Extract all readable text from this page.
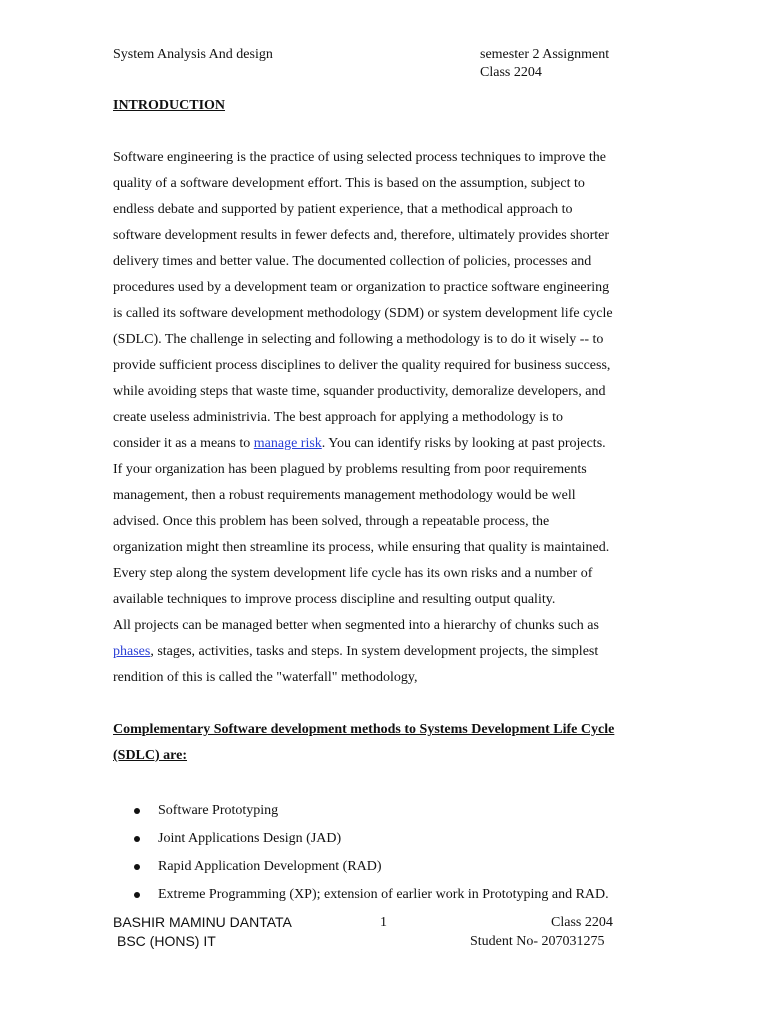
System Analysis And design	semester 2 Assignment
Class 2204
INTRODUCTION
Software engineering is the practice of using selected process techniques to improve the
quality of a software development effort. This is based on the assumption, subject to
endless debate and supported by patient experience, that a methodical approach to
software development results in fewer defects and, therefore, ultimately provides shorter
delivery times and better value. The documented collection of policies, processes and
procedures used by a development team or organization to practice software engineering
is called its software development methodology (SDM) or system development life cycle
(SDLC). The challenge in selecting and following a methodology is to do it wisely -- to
provide sufficient process disciplines to deliver the quality required for business success,
while avoiding steps that waste time, squander productivity, demoralize developers, and
create useless administrivia. The best approach for applying a methodology is to
consider it as a means to manage risk. You can identify risks by looking at past projects.
If your organization has been plagued by problems resulting from poor requirements
management, then a robust requirements management methodology would be well
advised. Once this problem has been solved, through a repeatable process, the
organization might then streamline its process, while ensuring that quality is maintained.
Every step along the system development life cycle has its own risks and a number of
available techniques to improve process discipline and resulting output quality.
All projects can be managed better when segmented into a hierarchy of chunks such as
phases, stages, activities, tasks and steps. In system development projects, the simplest
rendition of this is called the "waterfall" methodology,
Complementary Software development methods to Systems Development Life Cycle
(SDLC) are:
Software Prototyping
Joint Applications Design (JAD)
Rapid Application Development (RAD)
Extreme Programming (XP); extension of earlier work in Prototyping and RAD.
BASHIR MAMINU DANTATA	1	Class 2204
BSC (HONS) IT	Student No- 207031275
